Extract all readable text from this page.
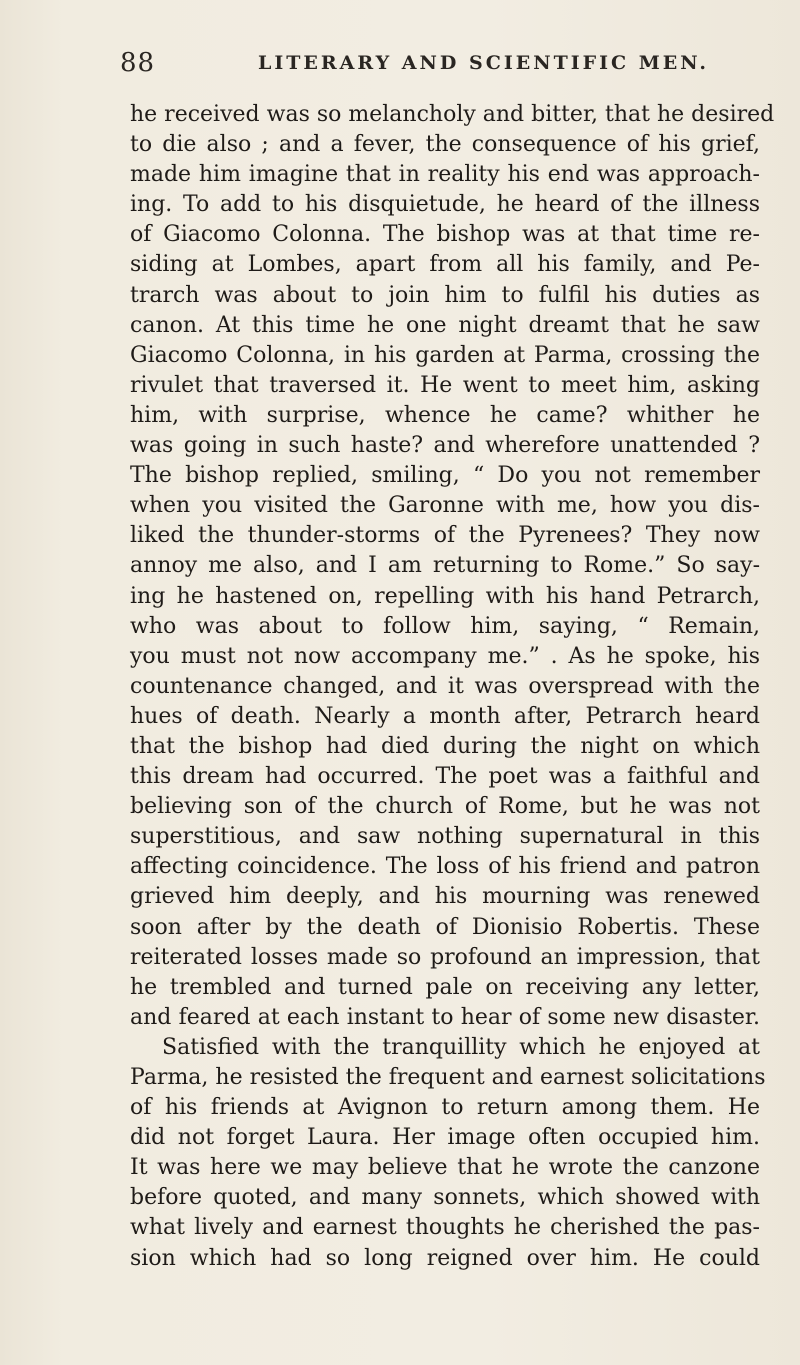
88	LITERARY AND SCIENTIFIC MEN.
he received was so melancholy and bitter, that he desired
to die also ; and a fever, the consequence of his grief,
made him imagine that in reality his end was approach-
ing. To add to his disquietude, he heard of the illness
of Giacomo Colonna. The bishop was at that time re-
siding at Lombes, apart from all his family, and Pe-
trarch was about to join him to fulfil his duties as
canon. At this time he one night dreamt that he saw
Giacomo Colonna, in his garden at Parma, crossing the
rivulet that traversed it. He went to meet him, asking
him, with surprise, whence he came? whither he
was going in such haste? and wherefore unattended ?
The bishop replied, smiling, “ Do you not remember
when you visited the Garonne with me, how you dis-
liked the thunder-storms of the Pyrenees? They now
annoy me also, and I am returning to Rome.” So say-
ing he hastened on, repelling with his hand Petrarch,
who was about to follow him, saying, “ Remain,
you must not now accompany me.” . As he spoke, his
countenance changed, and it was overspread with the
hues of death. Nearly a month after, Petrarch heard
that the bishop had died during the night on which
this dream had occurred. The poet was a faithful and
believing son of the church of Rome, but he was not
superstitious, and saw nothing supernatural in this
affecting coincidence. The loss of his friend and patron
grieved him deeply, and his mourning was renewed
soon after by the death of Dionisio Robertis. These
reiterated losses made so profound an impression, that
he trembled and turned pale on receiving any letter,
and feared at each instant to hear of some new disaster.
Satisfied with the tranquillity which he enjoyed at
Parma, he resisted the frequent and earnest solicitations
of his friends at Avignon to return among them. He
did not forget Laura. Her image often occupied him.
It was here we may believe that he wrote the canzone
before quoted, and many sonnets, which showed with
what lively and earnest thoughts he cherished the pas-
sion which had so long reigned over him. He could
